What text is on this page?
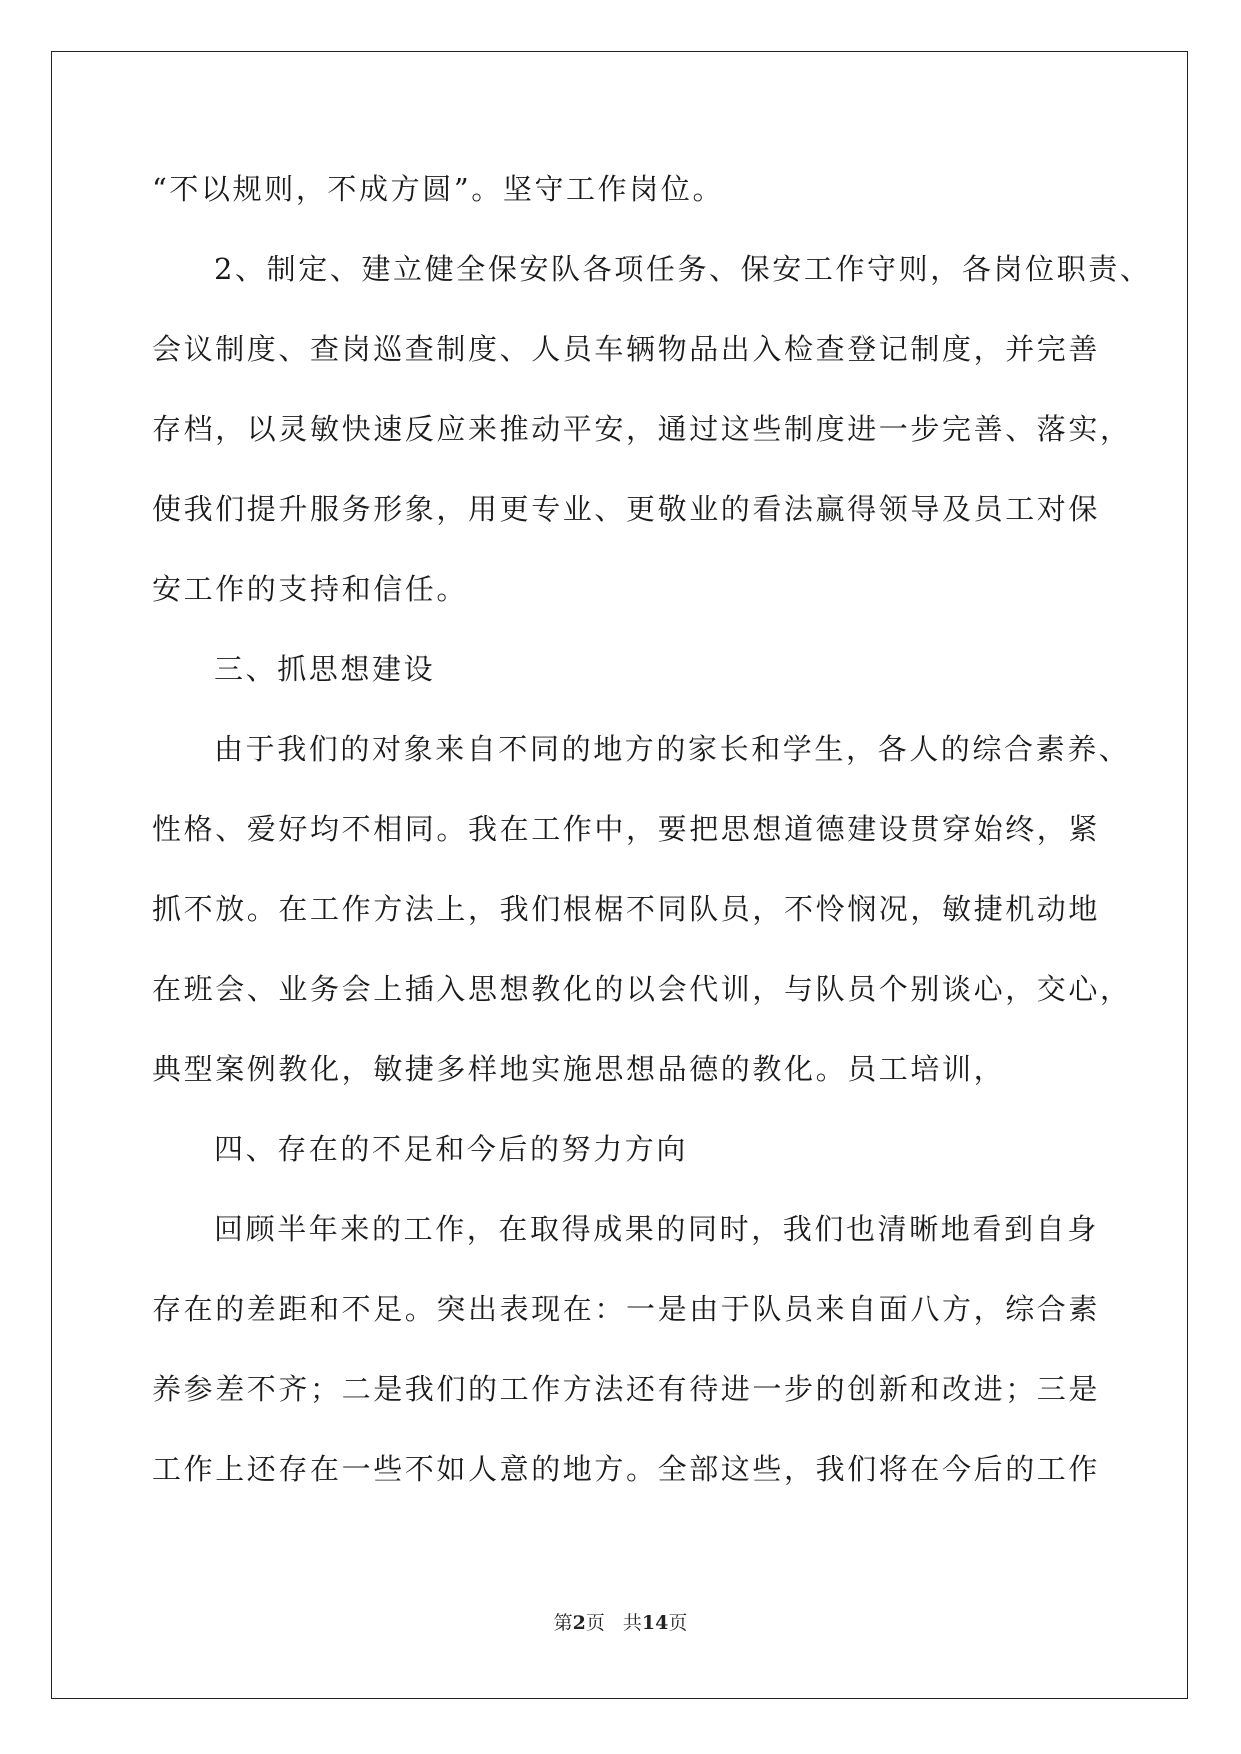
“不以规则，不成方圆”。坚守工作岗位。
2、制定、建立健全保安队各项任务、保安工作守则，各岗位职责、
会议制度、查岗巡查制度、人员车辆物品出入检查登记制度，并完善
存档，以灵敏快速反应来推动平安，通过这些制度进一步完善、落实，
使我们提升服务形象，用更专业、更敬业的看法赢得领导及员工对保
安工作的支持和信任。
三、抓思想建设
由于我们的对象来自不同的地方的家长和学生，各人的综合素养、
性格、爱好均不相同。我在工作中，要把思想道德建设贯穿始终，紧
抓不放。在工作方法上，我们根椐不同队员，不怜悯况，敏捷机动地
在班会、业务会上插入思想教化的以会代训，与队员个别谈心，交心，
典型案例教化，敏捷多样地实施思想品德的教化。员工培训，
四、存在的不足和今后的努力方向
回顾半年来的工作，在取得成果的同时，我们也清晰地看到自身
存在的差距和不足。突出表现在：一是由于队员来自面八方，综合素
养参差不齐；二是我们的工作方法还有待进一步的创新和改进；三是
工作上还存在一些不如人意的地方。全部这些，我们将在今后的工作
第2页 共14页
